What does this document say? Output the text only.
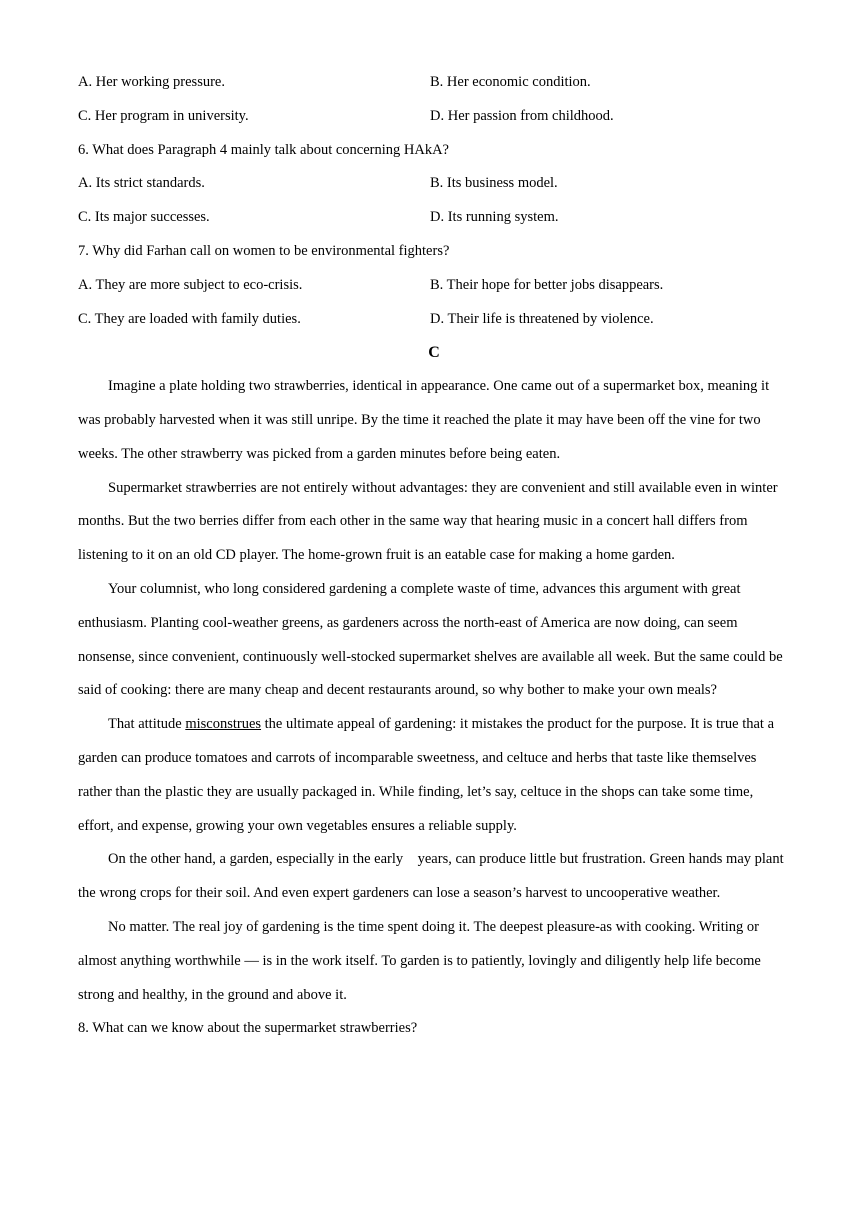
A. Her working pressure.	B. Her economic condition.
C. Her program in university.	D. Her passion from childhood.
6. What does Paragraph 4 mainly talk about concerning HAkA?
A. Its strict standards.	B. Its business model.
C. Its major successes.	D. Its running system.
7. Why did Farhan call on women to be environmental fighters?
A. They are more subject to eco-crisis.	B. Their hope for better jobs disappears.
C. They are loaded with family duties.	D. Their life is threatened by violence.
C

Imagine a plate holding two strawberries, identical in appearance. One came out of a supermarket box, meaning it was probably harvested when it was still unripe. By the time it reached the plate it may have been off the vine for two weeks. The other strawberry was picked from a garden minutes before being eaten.

Supermarket strawberries are not entirely without advantages: they are convenient and still available even in winter months. But the two berries differ from each other in the same way that hearing music in a concert hall differs from listening to it on an old CD player. The home-grown fruit is an eatable case for making a home garden.

Your columnist, who long considered gardening a complete waste of time, advances this argument with great enthusiasm. Planting cool-weather greens, as gardeners across the north-east of America are now doing, can seem nonsense, since convenient, continuously well-stocked supermarket shelves are available all week. But the same could be said of cooking: there are many cheap and decent restaurants around, so why bother to make your own meals?

That attitude misconstrues the ultimate appeal of gardening: it mistakes the product for the purpose. It is true that a garden can produce tomatoes and carrots of incomparable sweetness, and celtuce and herbs that taste like themselves rather than the plastic they are usually packaged in. While finding, let’s say, celtuce in the shops can take some time, effort, and expense, growing your own vegetables ensures a reliable supply.

On the other hand, a garden, especially in the early    years, can produce little but frustration. Green hands may plant the wrong crops for their soil. And even expert gardeners can lose a season’s harvest to uncooperative weather.

No matter. The real joy of gardening is the time spent doing it. The deepest pleasure-as with cooking. Writing or almost anything worthwhile — is in the work itself. To garden is to patiently, lovingly and diligently help life become strong and healthy, in the ground and above it.

8. What can we know about the supermarket strawberries?
